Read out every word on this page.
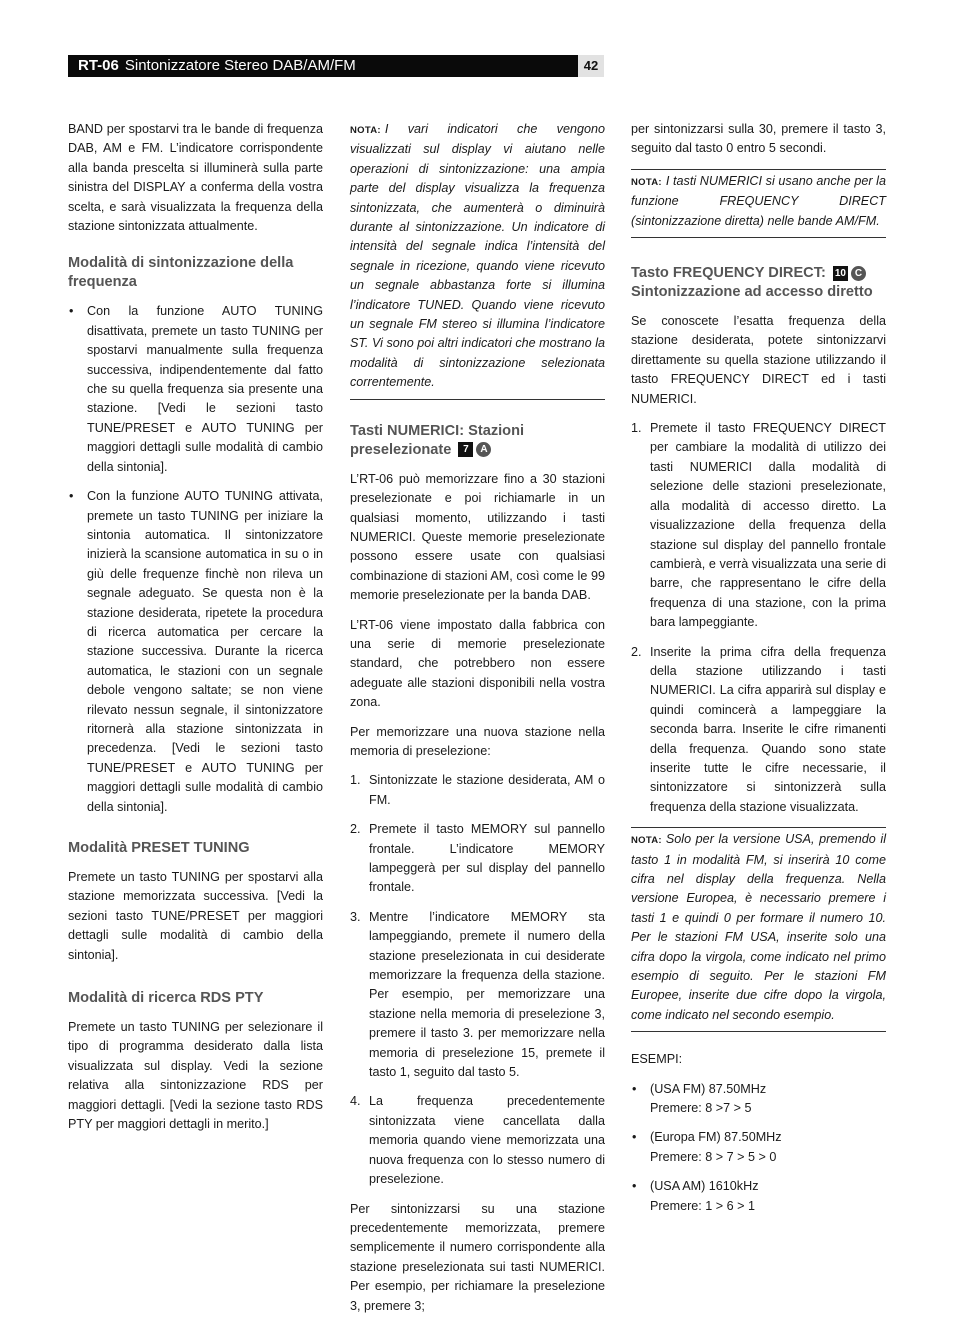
RT-06 Sintonizzatore Stereo DAB/AM/FM	42

BAND per spostarvi tra le bande di frequenza DAB, AM e FM. L’indicatore corrispondente alla banda prescelta si illuminerà sulla parte sinistra del DISPLAY a conferma della vostra scelta, e sarà visualizzata la frequenza della stazione sintonizzata attualmente.

Modalità di sintonizzazione della frequenza
• Con la funzione AUTO TUNING disattivata, premete un tasto TUNING per spostarvi manualmente sulla frequenza successiva, indipendentemente dal fatto che su quella frequenza sia presente una stazione. [Vedi le sezioni tasto TUNE/PRESET e AUTO TUNING per maggiori dettagli sulle modalità di cambio della sintonia].
• Con la funzione AUTO TUNING attivata, premete un tasto TUNING per iniziare la sintonia automatica. Il sintonizzatore inizierà la scansione automatica in su o in giù delle frequenze finchè non rileva un segnale adeguato. Se questa non è la stazione desiderata, ripetete la procedura di ricerca automatica per cercare la stazione successiva. Durante la ricerca automatica, le stazioni con un segnale debole vengono saltate; se non viene rilevato nessun segnale, il sintonizzatore ritornerà alla stazione sintonizzata in precedenza. [Vedi le sezioni tasto TUNE/PRESET e AUTO TUNING per maggiori dettagli sulle modalità di cambio della sintonia].
Modalità PRESET TUNING

Premete un tasto TUNING per spostarvi alla stazione memorizzata successiva. [Vedi la sezioni tasto TUNE/PRESET per maggiori dettagli sulle modalità di cambio della sintonia].

Modalità di ricerca RDS PTY

Premete un tasto TUNING per selezionare il tipo di programma desiderato dalla lista visualizzata sul display. Vedi la sezione relativa alla sintonizzazione RDS per maggiori dettagli. [Vedi la sezione tasto RDS PTY per maggiori dettagli in merito.]

NOTA: I vari indicatori che vengono visualizzati sul display vi aiutano nelle operazioni di sintonizzazione: una ampia parte del display visualizza la frequenza sintonizzata, che aumenterà o diminuirà durante al sintonizzazione. Un indicatore di intensità del segnale indica l’intensità del segnale in ricezione, quando viene ricevuto un segnale abbastanza forte si illumina l’indicatore TUNED. Quando viene ricevuto un segnale FM stereo si illumina l’indicatore ST. Vi sono poi altri indicatori che mostrano la modalità di sintonizzazione selezionata correntemente.

Tasti NUMERICI: Stazioni preselezionate 7 A

L’RT-06 può memorizzare fino a 30 stazioni preselezionate e poi richiamarle in un qualsiasi momento, utilizzando i tasti NUMERICI. Queste memorie preselezionate possono essere usate con qualsiasi combinazione di stazioni AM, così come le 99 memorie preselezionate per la banda DAB.

L’RT-06 viene impostato dalla fabbrica con una serie di memorie preselezionate standard, che potrebbero non essere adeguate alle stazioni disponibili nella vostra zona.

Per memorizzare una nuova stazione nella memoria di preselezione:

1. Sintonizzate le stazione desiderata, AM o FM.
2. Premete il tasto MEMORY sul pannello frontale. L’indicatore MEMORY lampeggerà per sul display del pannello frontale.
3. Mentre l’indicatore MEMORY sta lampeggiando, premete il numero della stazione preselezionata in cui desiderate memorizzare la frequenza della stazione. Per esempio, per memorizzare una stazione nella memoria di preselezione 3, premere il tasto 3. per memorizzare nella memoria di preselezione 15, premete il tasto 1, seguito dal tasto 5.
4. La frequenza precedentemente sintonizzata viene cancellata dalla memoria quando viene memorizzata una nuova frequenza con lo stesso numero di preselezione.

Per sintonizzarsi su una stazione precedentemente memorizzata, premere semplicemente il numero corrispondente alla stazione preselezionata sui tasti NUMERICI. Per esempio, per richiamare la preselezione 3, premere 3;

per sintonizzarsi sulla 30, premere il tasto 3, seguito dal tasto 0 entro 5 secondi.

NOTA: I tasti NUMERICI si usano anche per la funzione FREQUENCY DIRECT (sintonizzazione diretta) nelle bande AM/FM.

Tasto FREQUENCY DIRECT: 10 C
Sintonizzazione ad accesso diretto

Se conoscete l’esatta frequenza della stazione desiderata, potete sintonizzarvi direttamente su quella stazione utilizzando il tasto FREQUENCY DIRECT ed i tasti NUMERICI.

1. Premete il tasto FREQUENCY DIRECT per cambiare la modalità di utilizzo dei tasti NUMERICI dalla modalità di selezione delle stazioni preselezionate, alla modalità di accesso diretto. La visualizzazione della frequenza della stazione sul display del pannello frontale cambierà, e verrà visualizzata una serie di barre, che rappresentano le cifre della frequenza di una stazione, con la prima bara lampeggiante.
2. Inserite la prima cifra della frequenza della stazione utilizzando i tasti NUMERICI. La cifra apparirà sul display e quindi comincerà a lampeggiare la seconda barra. Inserite le cifre rimanenti della frequenza. Quando sono state inserite tutte le cifre necessarie, il sintonizzatore si sintonizzerà sulla frequenza della stazione visualizzata.

NOTA: Solo per la versione USA, premendo il tasto 1 in modalità FM, si inserirà 10 come cifra nel display della frequenza. Nella versione Europea, è necessario premere i tasti 1 e quindi 0 per formare il numero 10. Per le stazioni FM USA, inserite solo una cifra dopo la virgola, come indicato nel primo esempio di seguito. Per le stazioni FM Europee, inserite due cifre dopo la virgola, come indicato nel secondo esempio.

ESEMPI:

• (USA FM) 87.50MHz
Premere: 8 >7 > 5
• (Europa FM) 87.50MHz
Premere: 8 > 7 > 5 > 0
• (USA AM) 1610kHz
Premere: 1 > 6 > 1
